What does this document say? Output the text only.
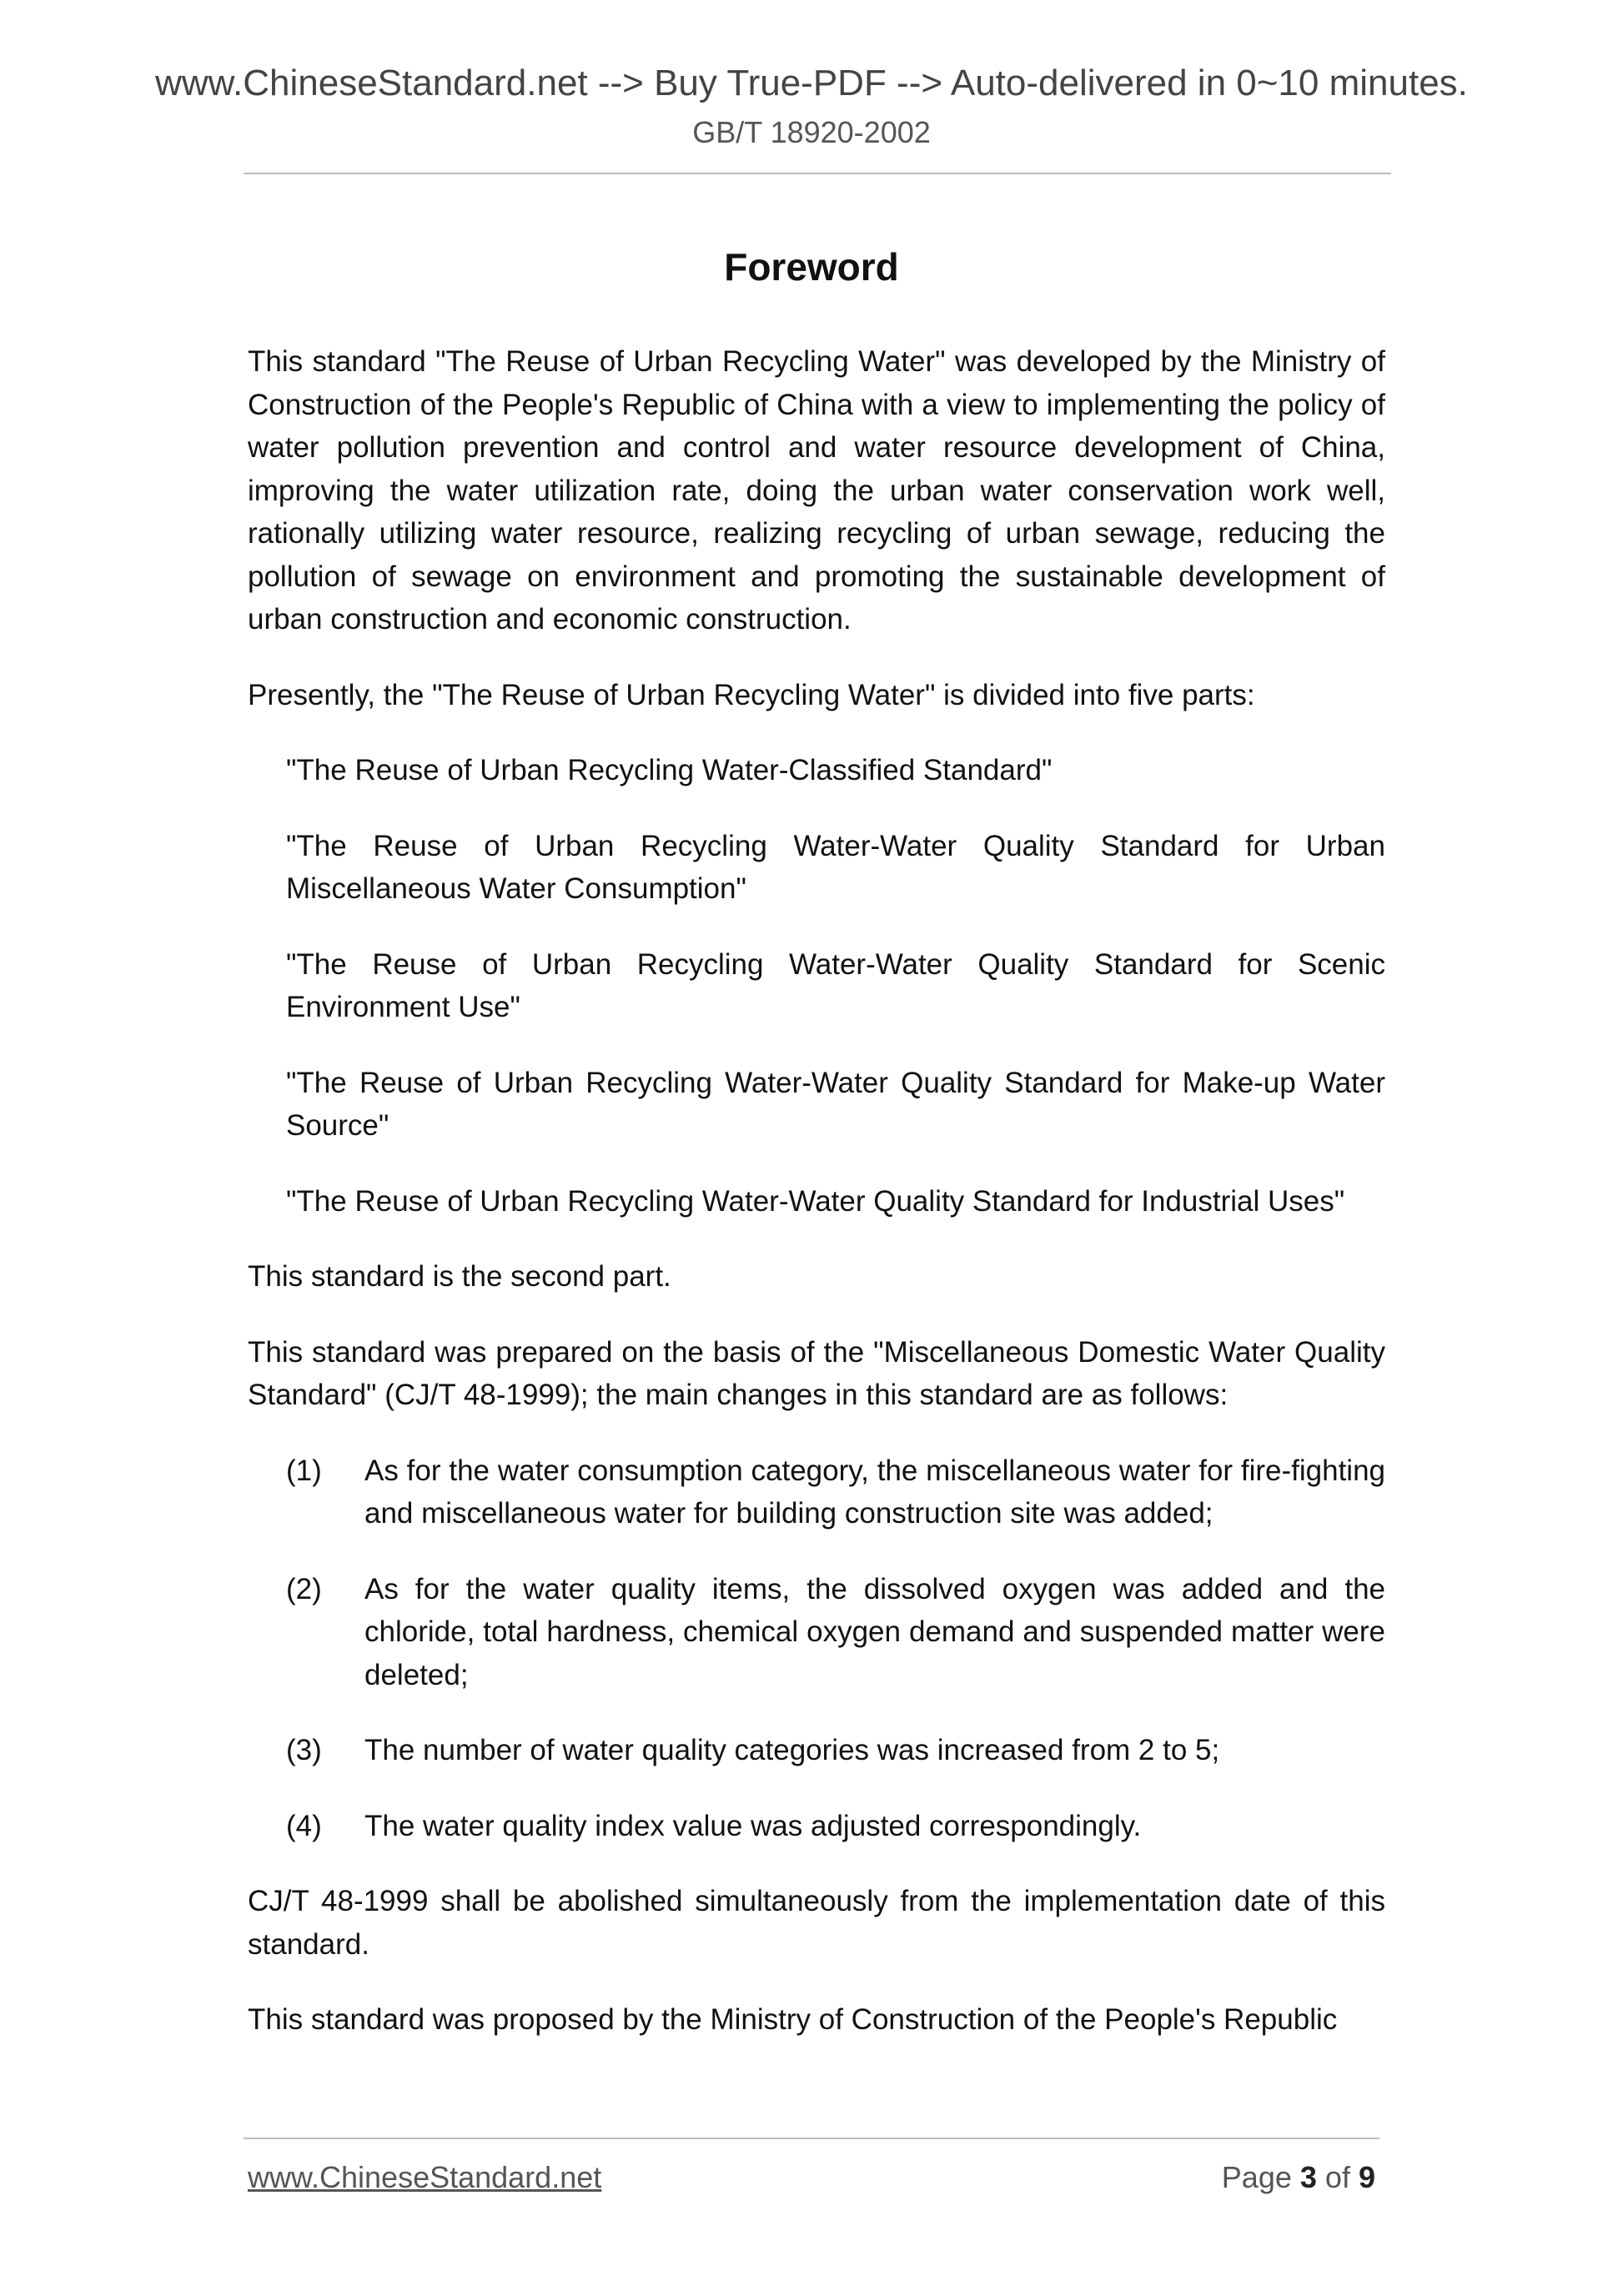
www.ChineseStandard.net --> Buy True-PDF --> Auto-delivered in 0~10 minutes.
GB/T 18920-2002
Foreword

This standard "The Reuse of Urban Recycling Water" was developed by the Ministry of Construction of the People's Republic of China with a view to implementing the policy of water pollution prevention and control and water resource development of China, improving the water utilization rate, doing the urban water conservation work well, rationally utilizing water resource, realizing recycling of urban sewage, reducing the pollution of sewage on environment and promoting the sustainable development of urban construction and economic construction.

Presently, the "The Reuse of Urban Recycling Water" is divided into five parts:

"The Reuse of Urban Recycling Water-Classified Standard"

"The Reuse of Urban Recycling Water-Water Quality Standard for Urban Miscellaneous Water Consumption"

"The Reuse of Urban Recycling Water-Water Quality Standard for Scenic Environment Use"

"The Reuse of Urban Recycling Water-Water Quality Standard for Make-up Water Source"

"The Reuse of Urban Recycling Water-Water Quality Standard for Industrial Uses"

This standard is the second part.

This standard was prepared on the basis of the "Miscellaneous Domestic Water Quality Standard" (CJ/T 48-1999); the main changes in this standard are as follows:

(1) As for the water consumption category, the miscellaneous water for fire-fighting and miscellaneous water for building construction site was added;
(2) As for the water quality items, the dissolved oxygen was added and the chloride, total hardness, chemical oxygen demand and suspended matter were deleted;
(3) The number of water quality categories was increased from 2 to 5;
(4) The water quality index value was adjusted correspondingly.

CJ/T 48-1999 shall be abolished simultaneously from the implementation date of this standard.

This standard was proposed by the Ministry of Construction of the People's Republic

www.ChineseStandard.net	Page 3 of 9
